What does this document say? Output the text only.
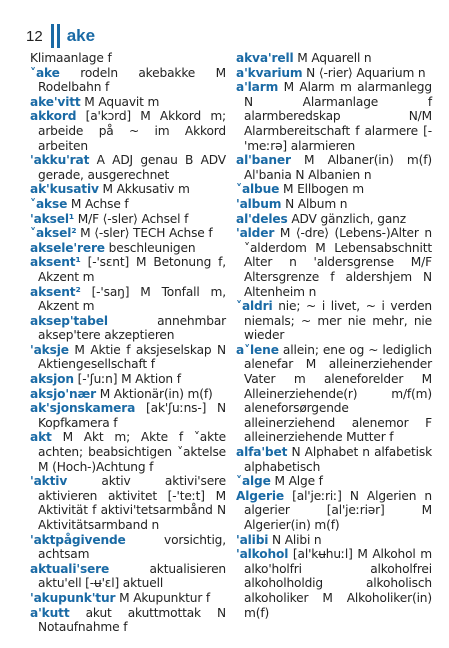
12 ake

Klimaanlage f

˅ake rodeln akebakke M Rodelbahn f

ake'vitt M Aquavit m

akkord [a'kɔrd] M Akkord m; arbeide på ~ im Akkord arbeiten

'akku'rat A ADJ genau B ADV gerade, ausgerechnet

ak'kusativ M Akkusativ m

˅akse M Achse f

'aksel¹ M/F ⟨-sler⟩ Achsel f

˅aksel² M ⟨-sler⟩ TECH Achse f

aksele'rere beschleunigen

aksent¹ [-'sɛnt] M Betonung f, Akzent m

aksent² [-'saŋ] M Tonfall m, Akzent m

aksep'tabel annehmbar aksep'tere akzeptieren

'aksje M Aktie f aksjeselskap N Aktiengesellschaft f

aksjon [-'ʃuːn] M Aktion f

aksjo'nær M Aktionär(in) m(f)

ak'sjonskamera [ak'ʃuːns-] N Kopfkamera f

akt M Akt m; Akte f ˅akte achten; beabsichtigen ˅aktelse M (Hoch-)Achtung f

'aktiv aktiv aktivi'sere aktivieren aktivitet [-'teːt] M Aktivität f aktivi'tetsarmbånd N Aktivitätsarmband n

'aktpågivende vorsichtig, achtsam

aktuali'sere aktualisieren aktu'ell [-ʉ'ɛl] aktuell

'akupunk'tur M Akupunktur f

a'kutt akut akuttmottak N Notaufnahme f

akva'rell M Aquarell n

a'kvarium N ⟨-rier⟩ Aquarium n

a'larm M Alarm m alarmanlegg N Alarmanlage f alarmberedskap N/M Alarmbereitschaft f alarmere [-'meːrə] alarmieren

al'baner M Albaner(in) m(f) Al'bania N Albanien n

˅albue M Ellbogen m

'album N Album n

al'deles ADV gänzlich, ganz

'alder M ⟨-dre⟩ (Lebens-)Alter n ˅alderdom M Lebensabschnitt Alter n 'aldersgrense M/F Altersgrenze f aldershjem N Altenheim n

˅aldri nie; ~ i livet, ~ i verden niemals; ~ mer nie mehr, nie wieder

a˅lene allein; ene og ~ lediglich alenefar M alleinerziehender Vater m aleneforelder M Alleinerziehende(r) m/f(m) aleneforsørgende alleinerziehend alenemor F alleinerziehende Mutter f

alfa'bet N Alphabet n alfabetisk alphabetisch

˅alge M Alge f

Algerie [al'jeːriː] N Algerien n algerier [al'jeːriər] M Algerier(in) m(f)

'alibi N Alibi n

'alkohol [al'kʉhuːl] M Alkohol m alko'holfri alkoholfrei alkoholholdig alkoholisch alkoholiker M Alkoholiker(in) m(f)
